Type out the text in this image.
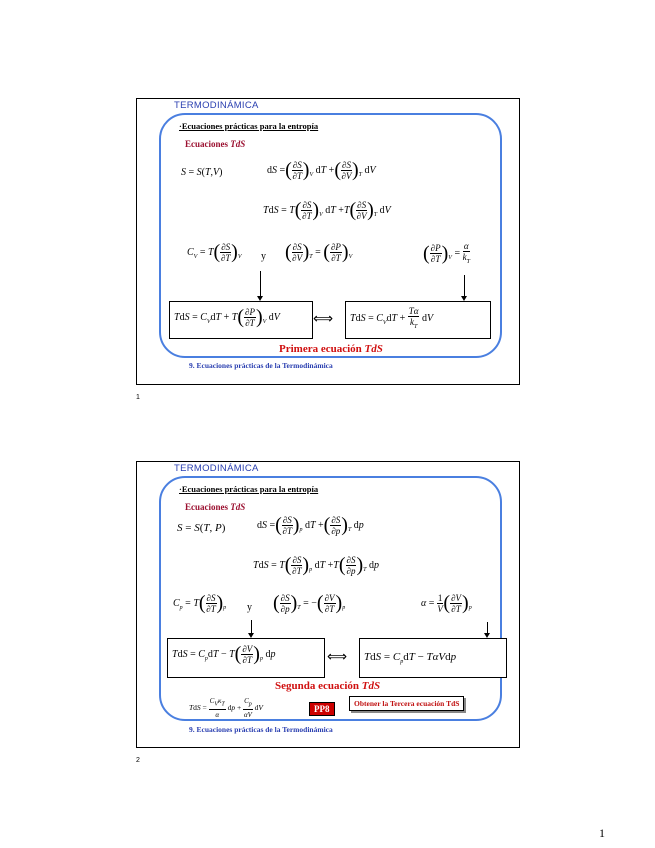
TERMODINÁMICA
·Ecuaciones prácticas para la entropía
Ecuaciones TdS
S = S(T,V)	dS =( $\frac{\partial S}{\partial T} )_V$ dT +( $\frac{\partial S}{\partial V} )_T$ dV
TdS = $T( \frac{\partial S}{\partial T} )_V$ dT $+T( \frac{\partial S}{\partial V} )_T$ dV
$C_V = T( \frac{\partial S}{\partial T} )_V$ y ( $\frac{\partial S}{\partial V} )_T$ = ( $\frac{\partial P}{\partial T} )_V$	( $\frac{\partial P}{\partial T} )_V = \frac{\alpha}{k_T}$
TdS = $C_VdT + T( \frac{\partial P}{\partial T} )_V$ dV	⟺	TdS = $C_VdT + \frac{T\alpha}{k_T}$ dV
Primera ecuación TdS
9. Ecuaciones prácticas de la Termodinámica
1
TERMODINÁMICA
·Ecuaciones prácticas para la entropía
Ecuaciones TdS
S = S(T, P)	dS =( $\frac{\partial S}{\partial T} )_p$ dT +( $\frac{\partial S}{\partial p} )_T$ dp
TdS = $T( \frac{\partial S}{\partial T} )_p$ dT $+T( \frac{\partial S}{\partial p} )_T$ dp
$C_p = T( \frac{\partial S}{\partial T} )_p$ y ( $\frac{\partial S}{\partial p} )_T$ = −( $\frac{\partial V}{\partial T} )_p$	$\alpha = \frac{1}{V}$ ( $\frac{\partial V}{\partial T} )_p$
TdS = $C_pdT - T( \frac{\partial V}{\partial T} )_p$ dp	⟺	TdS = $C_pdT - T\alpha Vdp$
Segunda ecuación TdS
TdS = $\frac{C_V\kappa_T}{\alpha}$ dp + $\frac{C_p}{\alpha V}$ dV	PP8
Obtener la Tercera ecuación TdS
9. Ecuaciones prácticas de la Termodinámica
2
1
